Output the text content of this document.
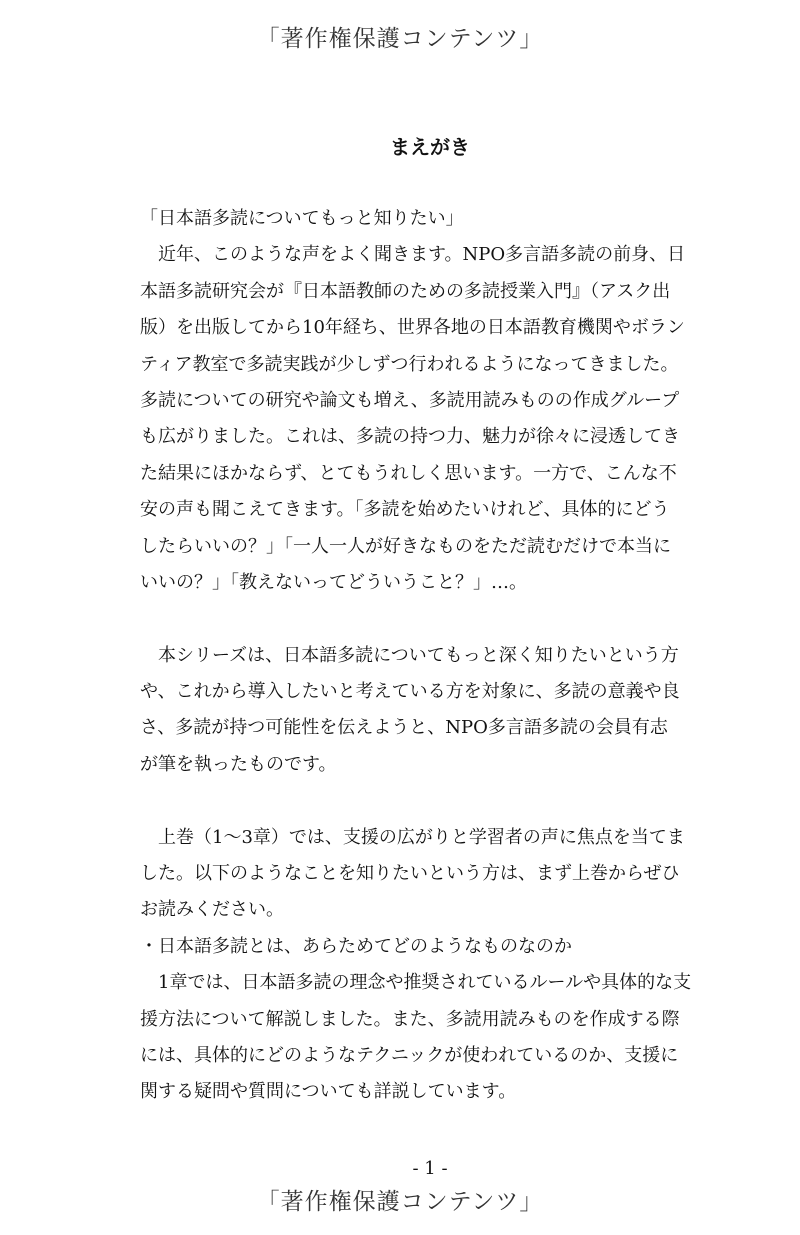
「著作権保護コンテンツ」
まえがき
「日本語多読についてもっと知りたい」
　近年、このような声をよく聞きます。NPO多言語多読の前身、日
本語多読研究会が『日本語教師のための多読授業入門』（アスク出
版）を出版してから10年経ち、世界各地の日本語教育機関やボラン
ティア教室で多読実践が少しずつ行われるようになってきました。
多読についての研究や論文も増え、多読用読みものの作成グループ
も広がりました。これは、多読の持つ力、魅力が徐々に浸透してき
た結果にほかならず、とてもうれしく思います。一方で、こんな不
安の声も聞こえてきます。「多読を始めたいけれど、具体的にどう
したらいいの？」「一人一人が好きなものをただ読むだけで本当に
いいの？」「教えないってどういうこと？」…。
　本シリーズは、日本語多読についてもっと深く知りたいという方
や、これから導入したいと考えている方を対象に、多読の意義や良
さ、多読が持つ可能性を伝えようと、NPO多言語多読の会員有志
が筆を執ったものです。
　上巻（1〜3章）では、支援の広がりと学習者の声に焦点を当てま
した。以下のようなことを知りたいという方は、まず上巻からぜひ
お読みください。
・日本語多読とは、あらためてどのようなものなのか
　1章では、日本語多読の理念や推奨されているルールや具体的な支
援方法について解説しました。また、多読用読みものを作成する際
には、具体的にどのようなテクニックが使われているのか、支援に
関する疑問や質問についても詳説しています。
- 1 -
「著作権保護コンテンツ」
